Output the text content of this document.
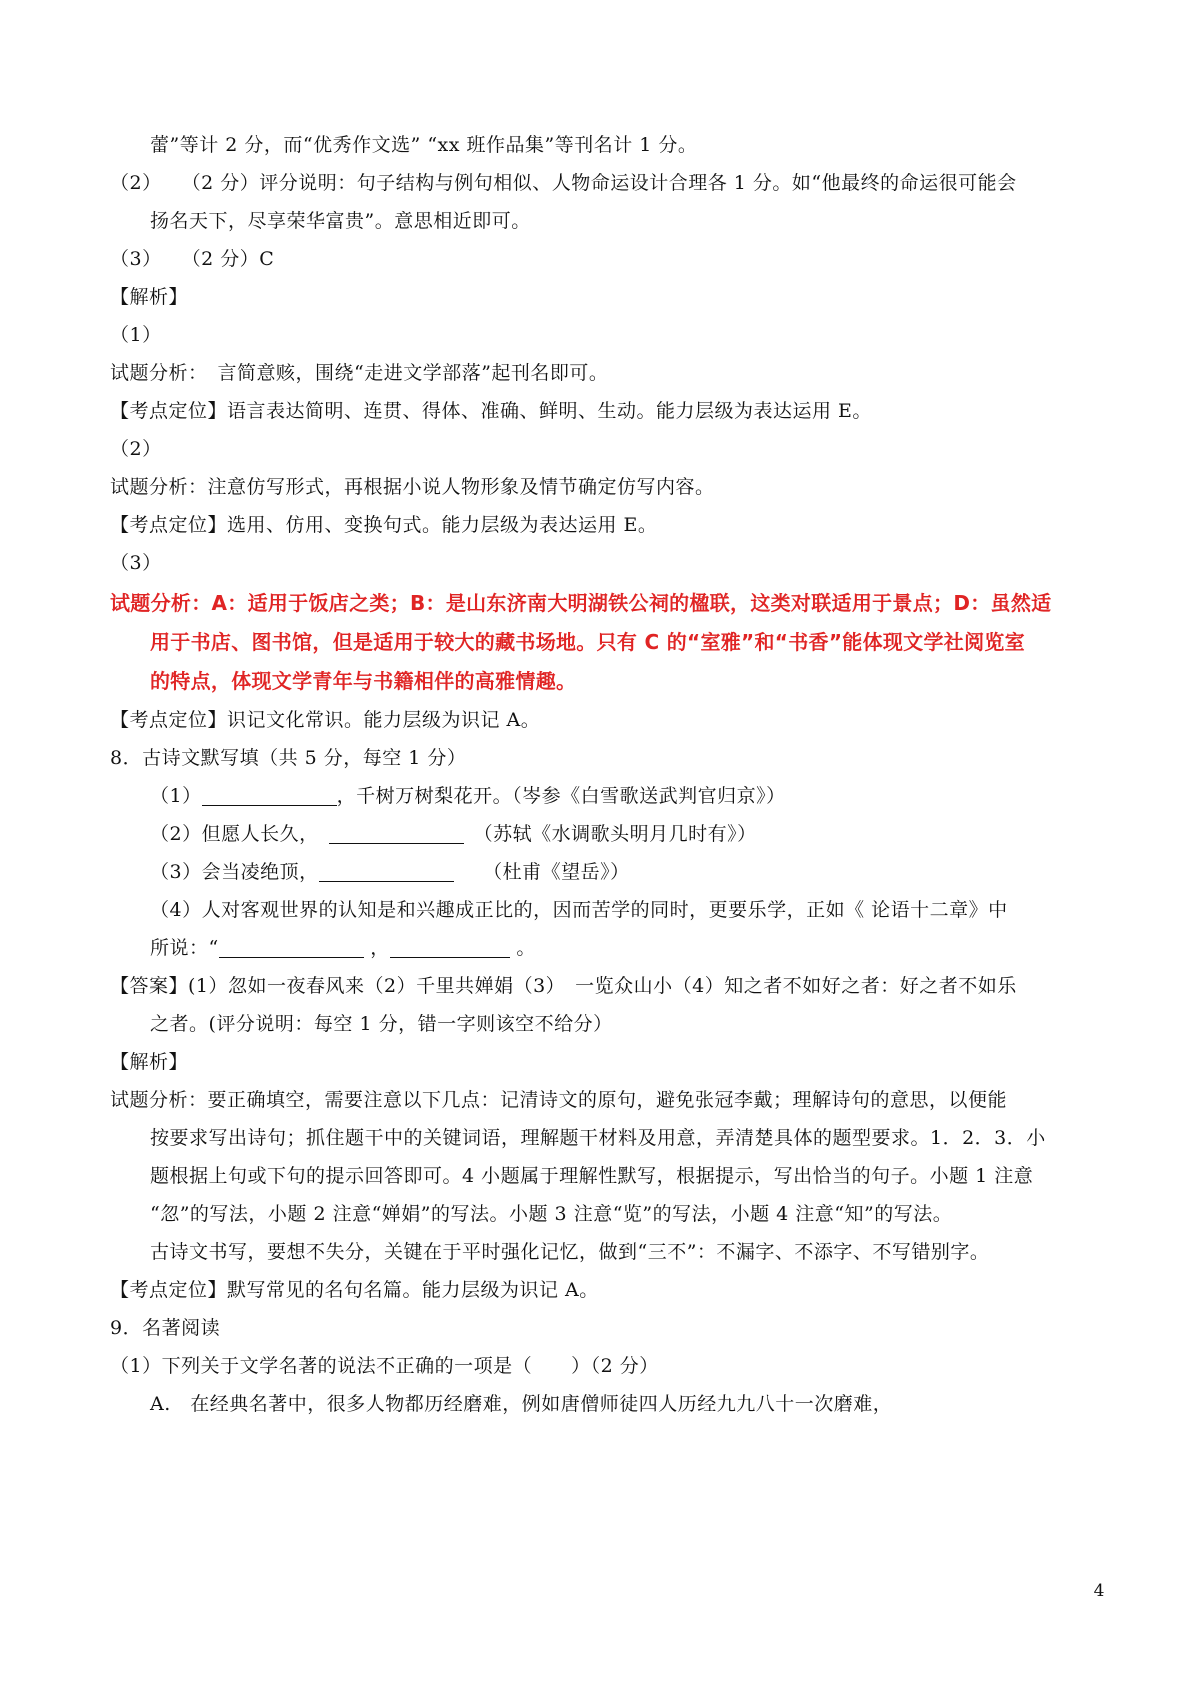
蕾”等计 2 分，而“优秀作文选” “xx 班作品集”等刊名计 1 分。
（2）　　（2 分）评分说明：句子结构与例句相似、人物命运设计合理各 1 分。如“他最终的命运很可能会
扬名天下，尽享荣华富贵”。意思相近即可。
（3）　　（2 分）C
【解析】
（1）
试题分析：　言简意赅，围绕“走进文学部落”起刊名即可。
【考点定位】语言表达简明、连贯、得体、准确、鲜明、生动。能力层级为表达运用 E。
（2）
试题分析：注意仿写形式，再根据小说人物形象及情节确定仿写内容。
【考点定位】选用、仿用、变换句式。能力层级为表达运用 E。
（3）
试题分析：A：适用于饭店之类；B：是山东济南大明湖铁公祠的楹联，这类对联适用于景点；D：虽然适
用于书店、图书馆，但是适用于较大的藏书场地。只有 C 的“室雅”和“书香”能体现文学社阅览室
的特点，体现文学青年与书籍相伴的高雅情趣。
【考点定位】识记文化常识。能力层级为识记 A。
8．古诗文默写填（共 5 分，每空 1 分）
（1）	，千树万树梨花开。（岑参《白雪歌送武判官归京》）
（2）但愿人长久，　　	（苏轼《水调歌头明月几时有》）
（3）会当凌绝顶，　　	（杜甫《望岳》）
（4）人对客观世界的认知是和兴趣成正比的，因而苦学的同时，更要乐学，正如《 论语十二章》中
所说：“	，	。
【答案】(1）忽如一夜春风来（2）千里共婵娟（3）　一览众山小（4）知之者不如好之者：好之者不如乐
之者。(评分说明：每空 1 分，错一字则该空不给分）
【解析】
试题分析：要正确填空，需要注意以下几点：记清诗文的原句，避免张冠李戴；理解诗句的意思，以便能
按要求写出诗句；抓住题干中的关键词语，理解题干材料及用意，弄清楚具体的题型要求。1．2．3．小
题根据上句或下句的提示回答即可。4 小题属于理解性默写，根据提示，写出恰当的句子。小题 1 注意
“忽”的写法，小题 2 注意“婵娟”的写法。小题 3 注意“览”的写法，小题 4 注意“知”的写法。
古诗文书写，要想不失分，关键在于平时强化记忆，做到“三不”：不漏字、不添字、不写错别字。
【考点定位】默写常见的名句名篇。能力层级为识记 A。
9．名著阅读
（1）下列关于文学名著的说法不正确的一项是（　　）（2 分）
A.　在经典名著中，很多人物都历经磨难，例如唐僧师徒四人历经九九八十一次磨难，
4
